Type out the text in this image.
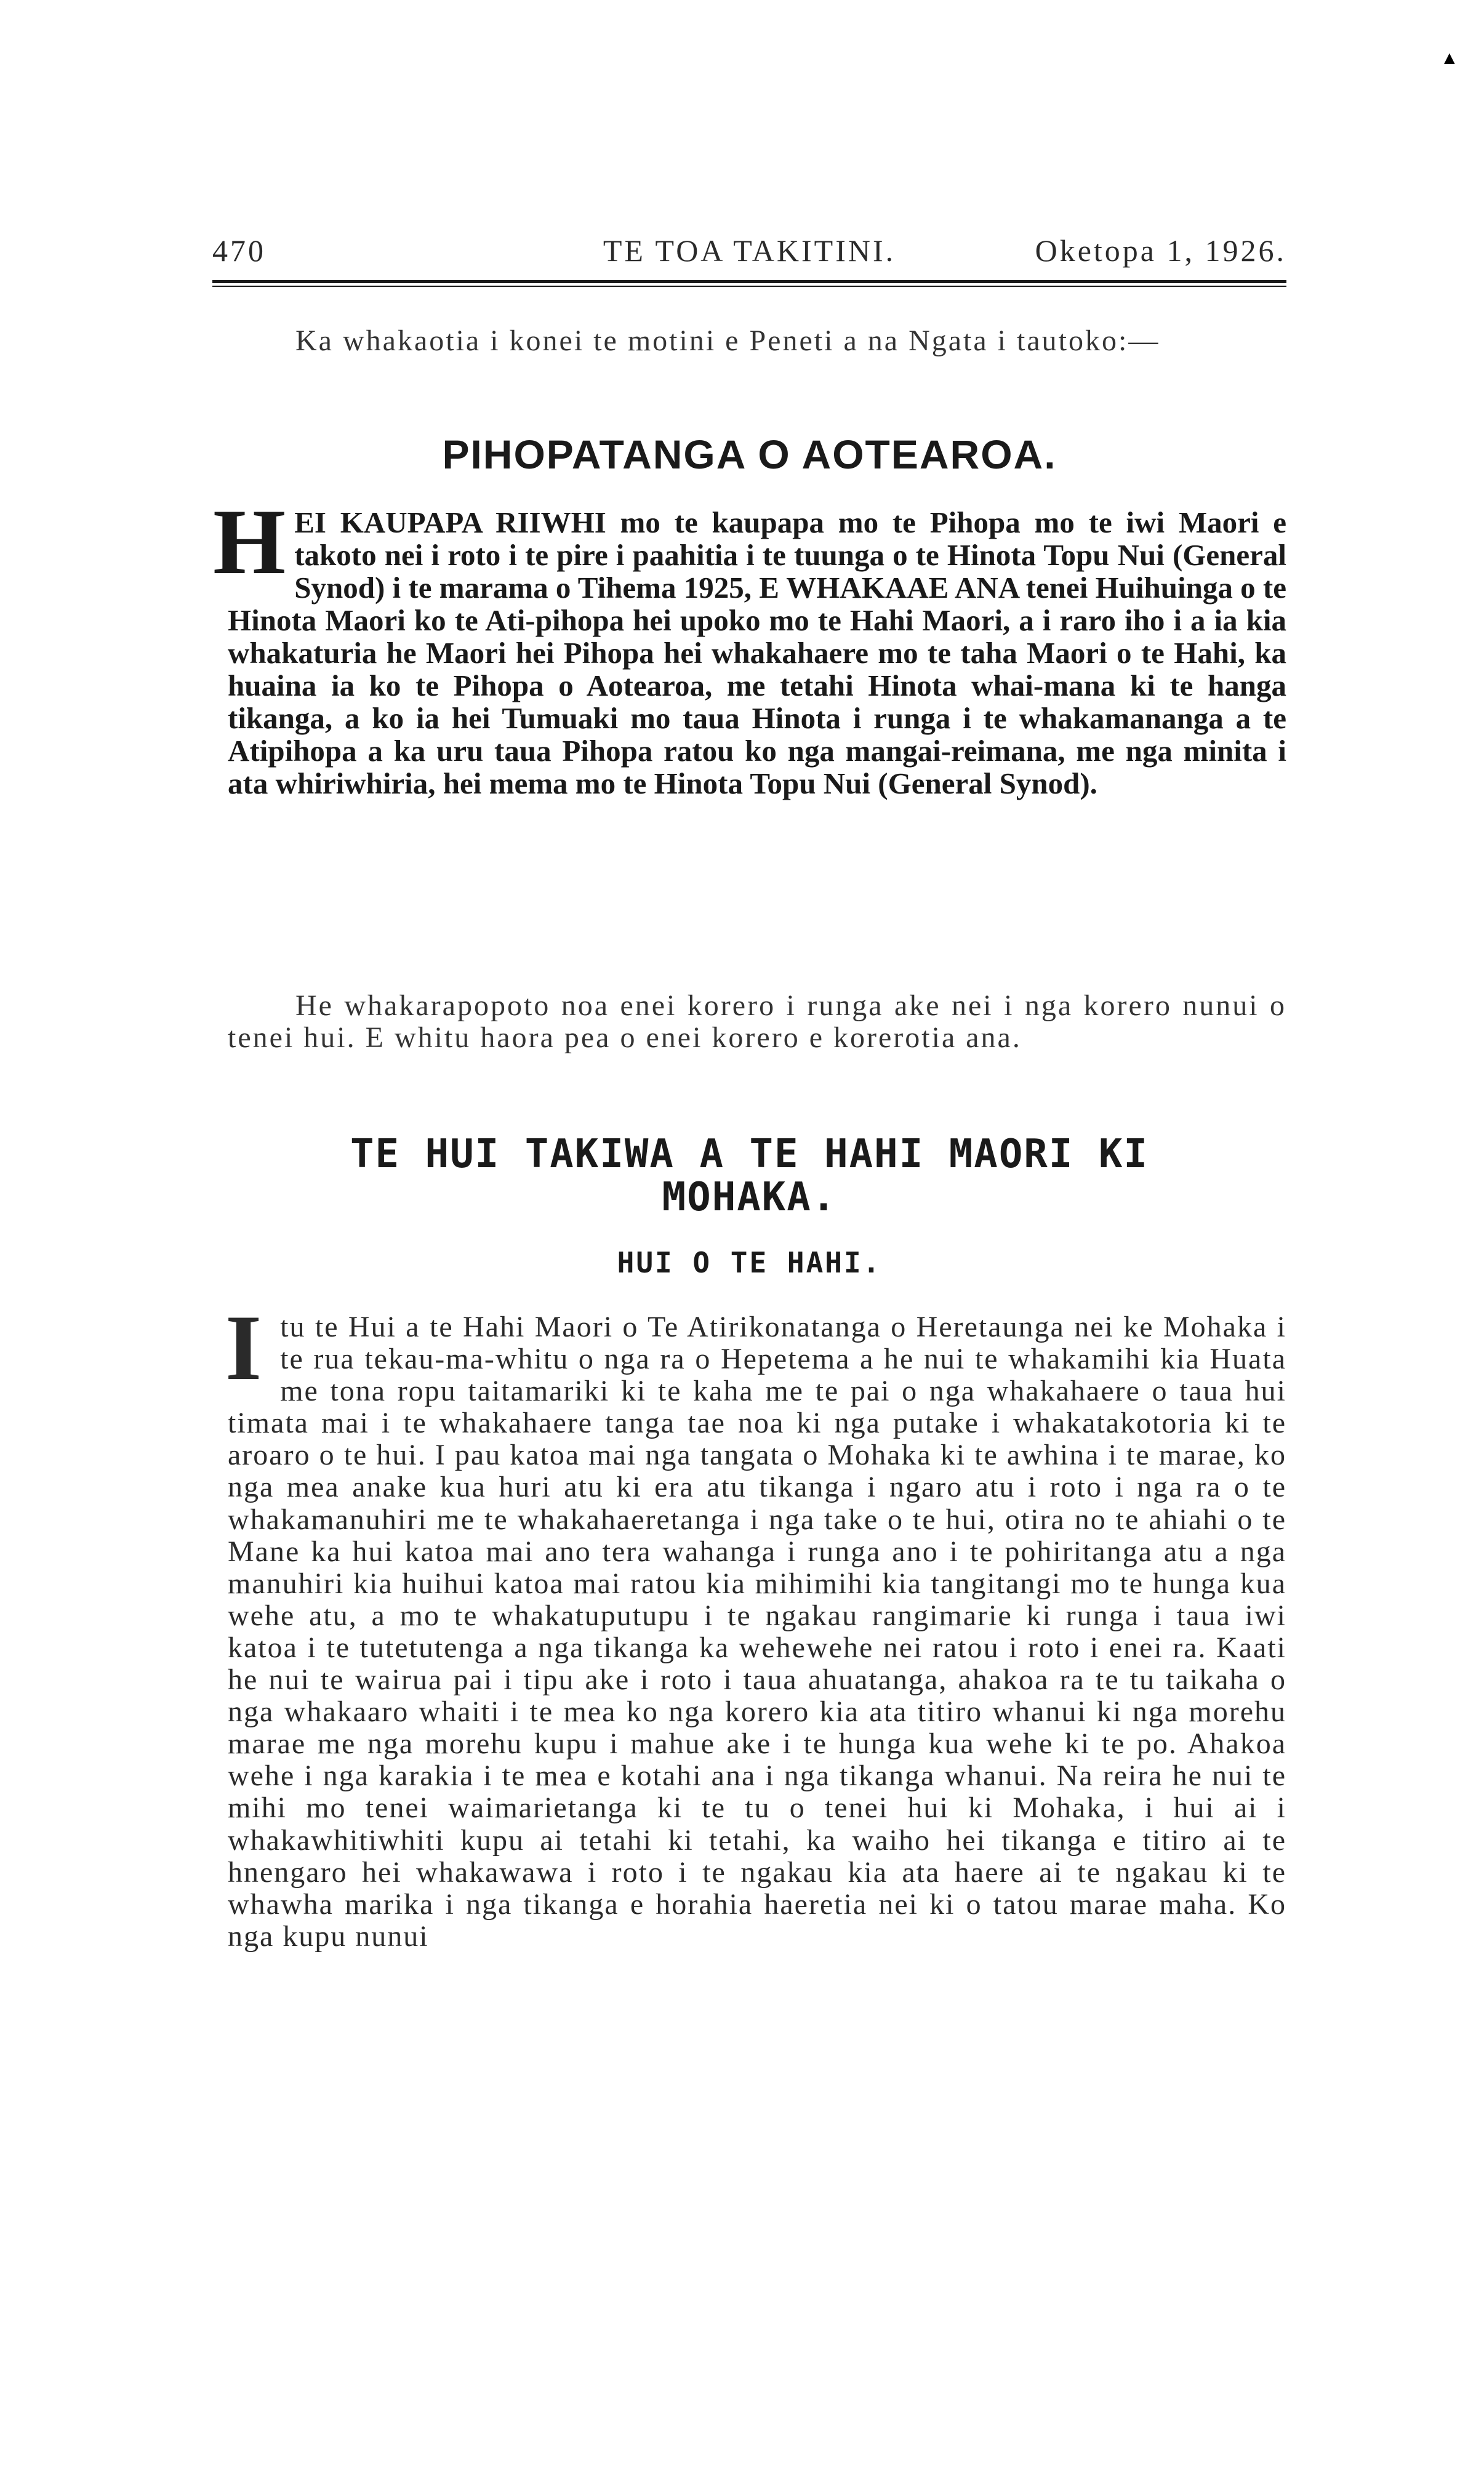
▲
470	TE TOA TAKITINI.	Oketopa 1, 1926.

Ka whakaotia i konei te motini e Peneti a na Ngata i tautoko:—

PIHOPATANGA O AOTEAROA.
HEI KAUPAPA RIIWHI mo te kaupapa mo te Pihopa mo te iwi Maori e takoto nei i roto i te pire i paahitia i te tuunga o te Hinota Topu Nui (General Synod) i te marama o Tihema 1925, E WHAKAAE ANA tenei Huihuinga o te Hinota Maori ko te Ati-pihopa hei upoko mo te Hahi Maori, a i raro iho i a ia kia whakaturia he Maori hei Pihopa hei whakahaere mo te taha Maori o te Hahi, ka huaina ia ko te Pihopa o Aotearoa, me tetahi Hinota whai-mana ki te hanga tikanga, a ko ia hei Tumuaki mo taua Hinota i runga i te whakamananga a te Atipihopa a ka uru taua Pihopa ratou ko nga mangai-reimana, me nga minita i ata whiriwhiria, hei mema mo te Hinota Topu Nui (General Synod).

He whakarapopoto noa enei korero i runga ake nei i nga korero nunui o tenei hui. E whitu haora pea o enei korero e korerotia ana.

TE HUI TAKIWA A TE HAHI MAORI KI
MOHAKA.
HUI O TE HAHI.
Itu te Hui a te Hahi Maori o Te Atirikonatanga o Heretaunga nei ke Mohaka i te rua tekau-ma-whitu o nga ra o Hepetema a he nui te whakamihi kia Huata me tona ropu taitamariki ki te kaha me te pai o nga whakahaere o taua hui timata mai i te whakahaere tanga tae noa ki nga putake i whakatakotoria ki te aroaro o te hui. I pau katoa mai nga tangata o Mohaka ki te awhina i te marae, ko nga mea anake kua huri atu ki era atu tikanga i ngaro atu i roto i nga ra o te whakamanuhiri me te whakahaeretanga i nga take o te hui, otira no te ahiahi o te Mane ka hui katoa mai ano tera wahanga i runga ano i te pohiritanga atu a nga manuhiri kia huihui katoa mai ratou kia mihimihi kia tangitangi mo te hunga kua wehe atu, a mo te whakatuputupu i te ngakau rangimarie ki runga i taua iwi katoa i te tutetutenga a nga tikanga ka wehewehe nei ratou i roto i enei ra. Kaati he nui te wairua pai i tipu ake i roto i taua ahuatanga, ahakoa ra te tu taikaha o nga whakaaro whaiti i te mea ko nga korero kia ata titiro whanui ki nga morehu marae me nga morehu kupu i mahue ake i te hunga kua wehe ki te po. Ahakoa wehe i nga karakia i te mea e kotahi ana i nga tikanga whanui. Na reira he nui te mihi mo tenei waimarietanga ki te tu o tenei hui ki Mohaka, i hui ai i whakawhitiwhiti kupu ai tetahi ki tetahi, ka waiho hei tikanga e titiro ai te hnengaro hei whakawawa i roto i te ngakau kia ata haere ai te ngakau ki te whawha marika i nga tikanga e horahia haeretia nei ki o tatou marae maha. Ko nga kupu nunui
